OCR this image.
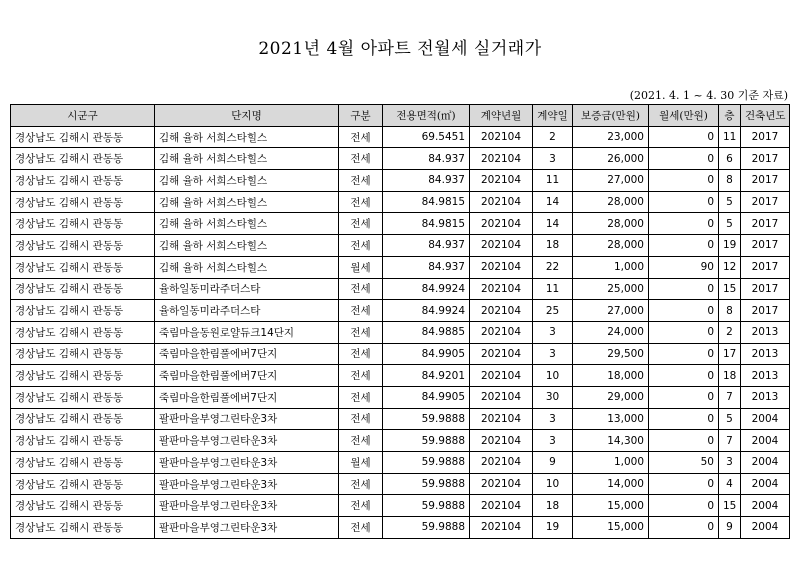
2021년 4월 아파트 전월세 실거래가
(2021. 4. 1 ~ 4. 30 기준 자료)
시군구	단지명	구분	전용면적(㎡)	계약년월	계약일	보증금(만원)	월세(만원)	층	건축년도
경상남도 김해시 관동동	김해 율하 서희스타힐스	전세	69.5451	202104	2	23,000	0	11	2017
경상남도 김해시 관동동	김해 율하 서희스타힐스	전세	84.937	202104	3	26,000	0	6	2017
경상남도 김해시 관동동	김해 율하 서희스타힐스	전세	84.937	202104	11	27,000	0	8	2017
경상남도 김해시 관동동	김해 율하 서희스타힐스	전세	84.9815	202104	14	28,000	0	5	2017
경상남도 김해시 관동동	김해 율하 서희스타힐스	전세	84.9815	202104	14	28,000	0	5	2017
경상남도 김해시 관동동	김해 율하 서희스타힐스	전세	84.937	202104	18	28,000	0	19	2017
경상남도 김해시 관동동	김해 율하 서희스타힐스	월세	84.937	202104	22	1,000	90	12	2017
경상남도 김해시 관동동	율하일동미라주더스타	전세	84.9924	202104	11	25,000	0	15	2017
경상남도 김해시 관동동	율하일동미라주더스타	전세	84.9924	202104	25	27,000	0	8	2017
경상남도 김해시 관동동	죽림마을동원로얄듀크14단지	전세	84.9885	202104	3	24,000	0	2	2013
경상남도 김해시 관동동	죽림마을한림풀에버7단지	전세	84.9905	202104	3	29,500	0	17	2013
경상남도 김해시 관동동	죽림마을한림풀에버7단지	전세	84.9201	202104	10	18,000	0	18	2013
경상남도 김해시 관동동	죽림마을한림풀에버7단지	전세	84.9905	202104	30	29,000	0	7	2013
경상남도 김해시 관동동	팔판마을부영그린타운3차	전세	59.9888	202104	3	13,000	0	5	2004
경상남도 김해시 관동동	팔판마을부영그린타운3차	전세	59.9888	202104	3	14,300	0	7	2004
경상남도 김해시 관동동	팔판마을부영그린타운3차	월세	59.9888	202104	9	1,000	50	3	2004
경상남도 김해시 관동동	팔판마을부영그린타운3차	전세	59.9888	202104	10	14,000	0	4	2004
경상남도 김해시 관동동	팔판마을부영그린타운3차	전세	59.9888	202104	18	15,000	0	15	2004
경상남도 김해시 관동동	팔판마을부영그린타운3차	전세	59.9888	202104	19	15,000	0	9	2004
